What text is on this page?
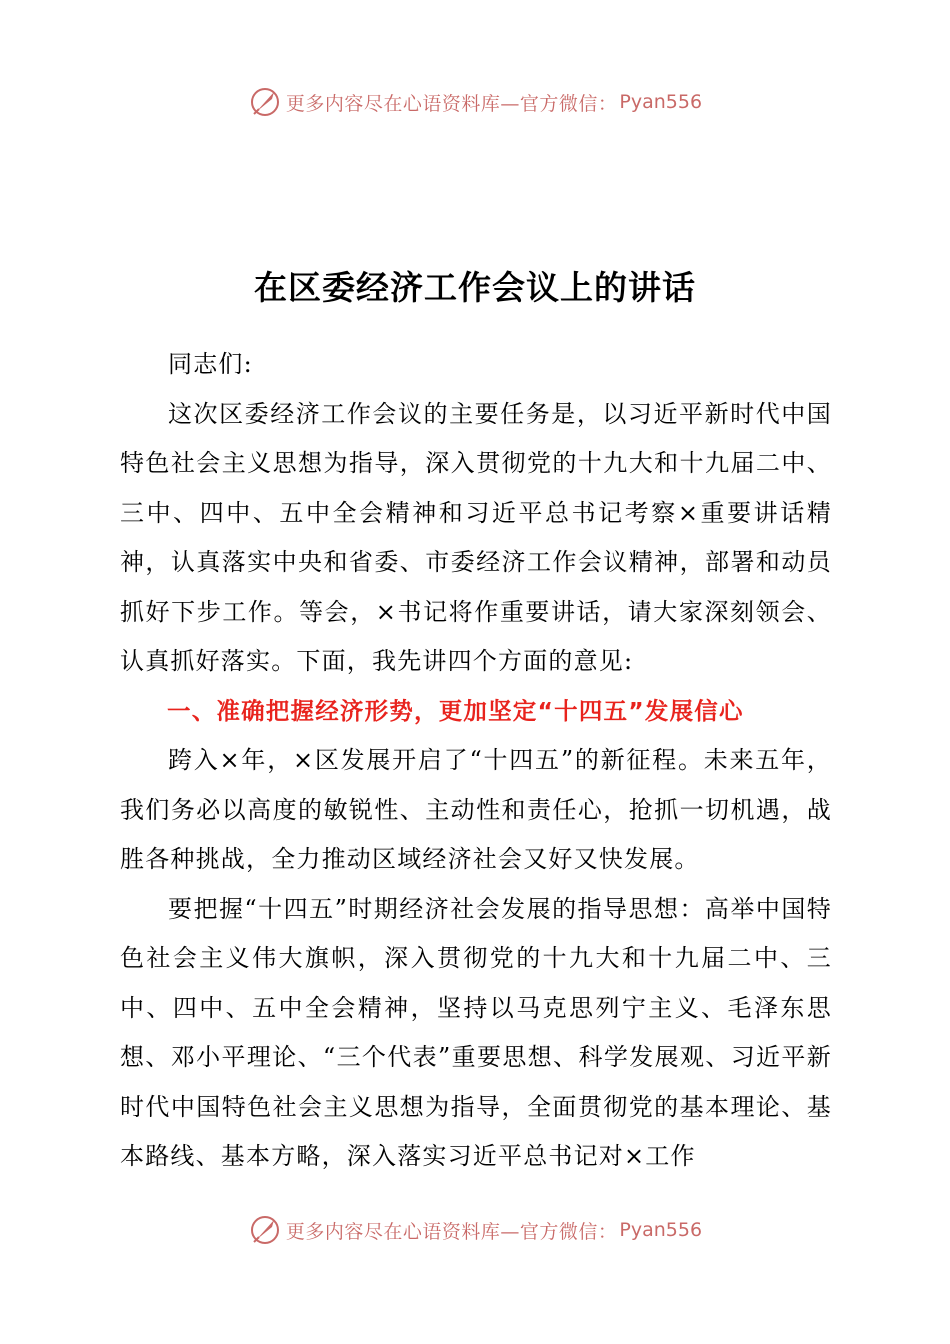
更多内容尽在心语资料库—官方微信： Pyan556
在区委经济工作会议上的讲话

同志们:

这次区委经济工作会议的主要任务是，以习近平新时代中国特色社会主义思想为指导，深入贯彻党的十九大和十九届二中、三中、四中、五中全会精神和习近平总书记考察×重要讲话精神，认真落实中央和省委、市委经济工作会议精神，部署和动员抓好下步工作。等会，×书记将作重要讲话，请大家深刻领会、认真抓好落实。下面，我先讲四个方面的意见:

一、准确把握经济形势，更加坚定“十四五”发展信心

跨入×年，×区发展开启了“十四五”的新征程。未来五年，我们务必以高度的敏锐性、主动性和责任心，抢抓一切机遇，战胜各种挑战，全力推动区域经济社会又好又快发展。

要把握“十四五”时期经济社会发展的指导思想：高举中国特色社会主义伟大旗帜，深入贯彻党的十九大和十九届二中、三中、四中、五中全会精神，坚持以马克思列宁主义、毛泽东思想、邓小平理论、“三个代表”重要思想、科学发展观、习近平新时代中国特色社会主义思想为指导，全面贯彻党的基本理论、基本路线、基本方略，深入落实习近平总书记对×工作

更多内容尽在心语资料库—官方微信： Pyan556
